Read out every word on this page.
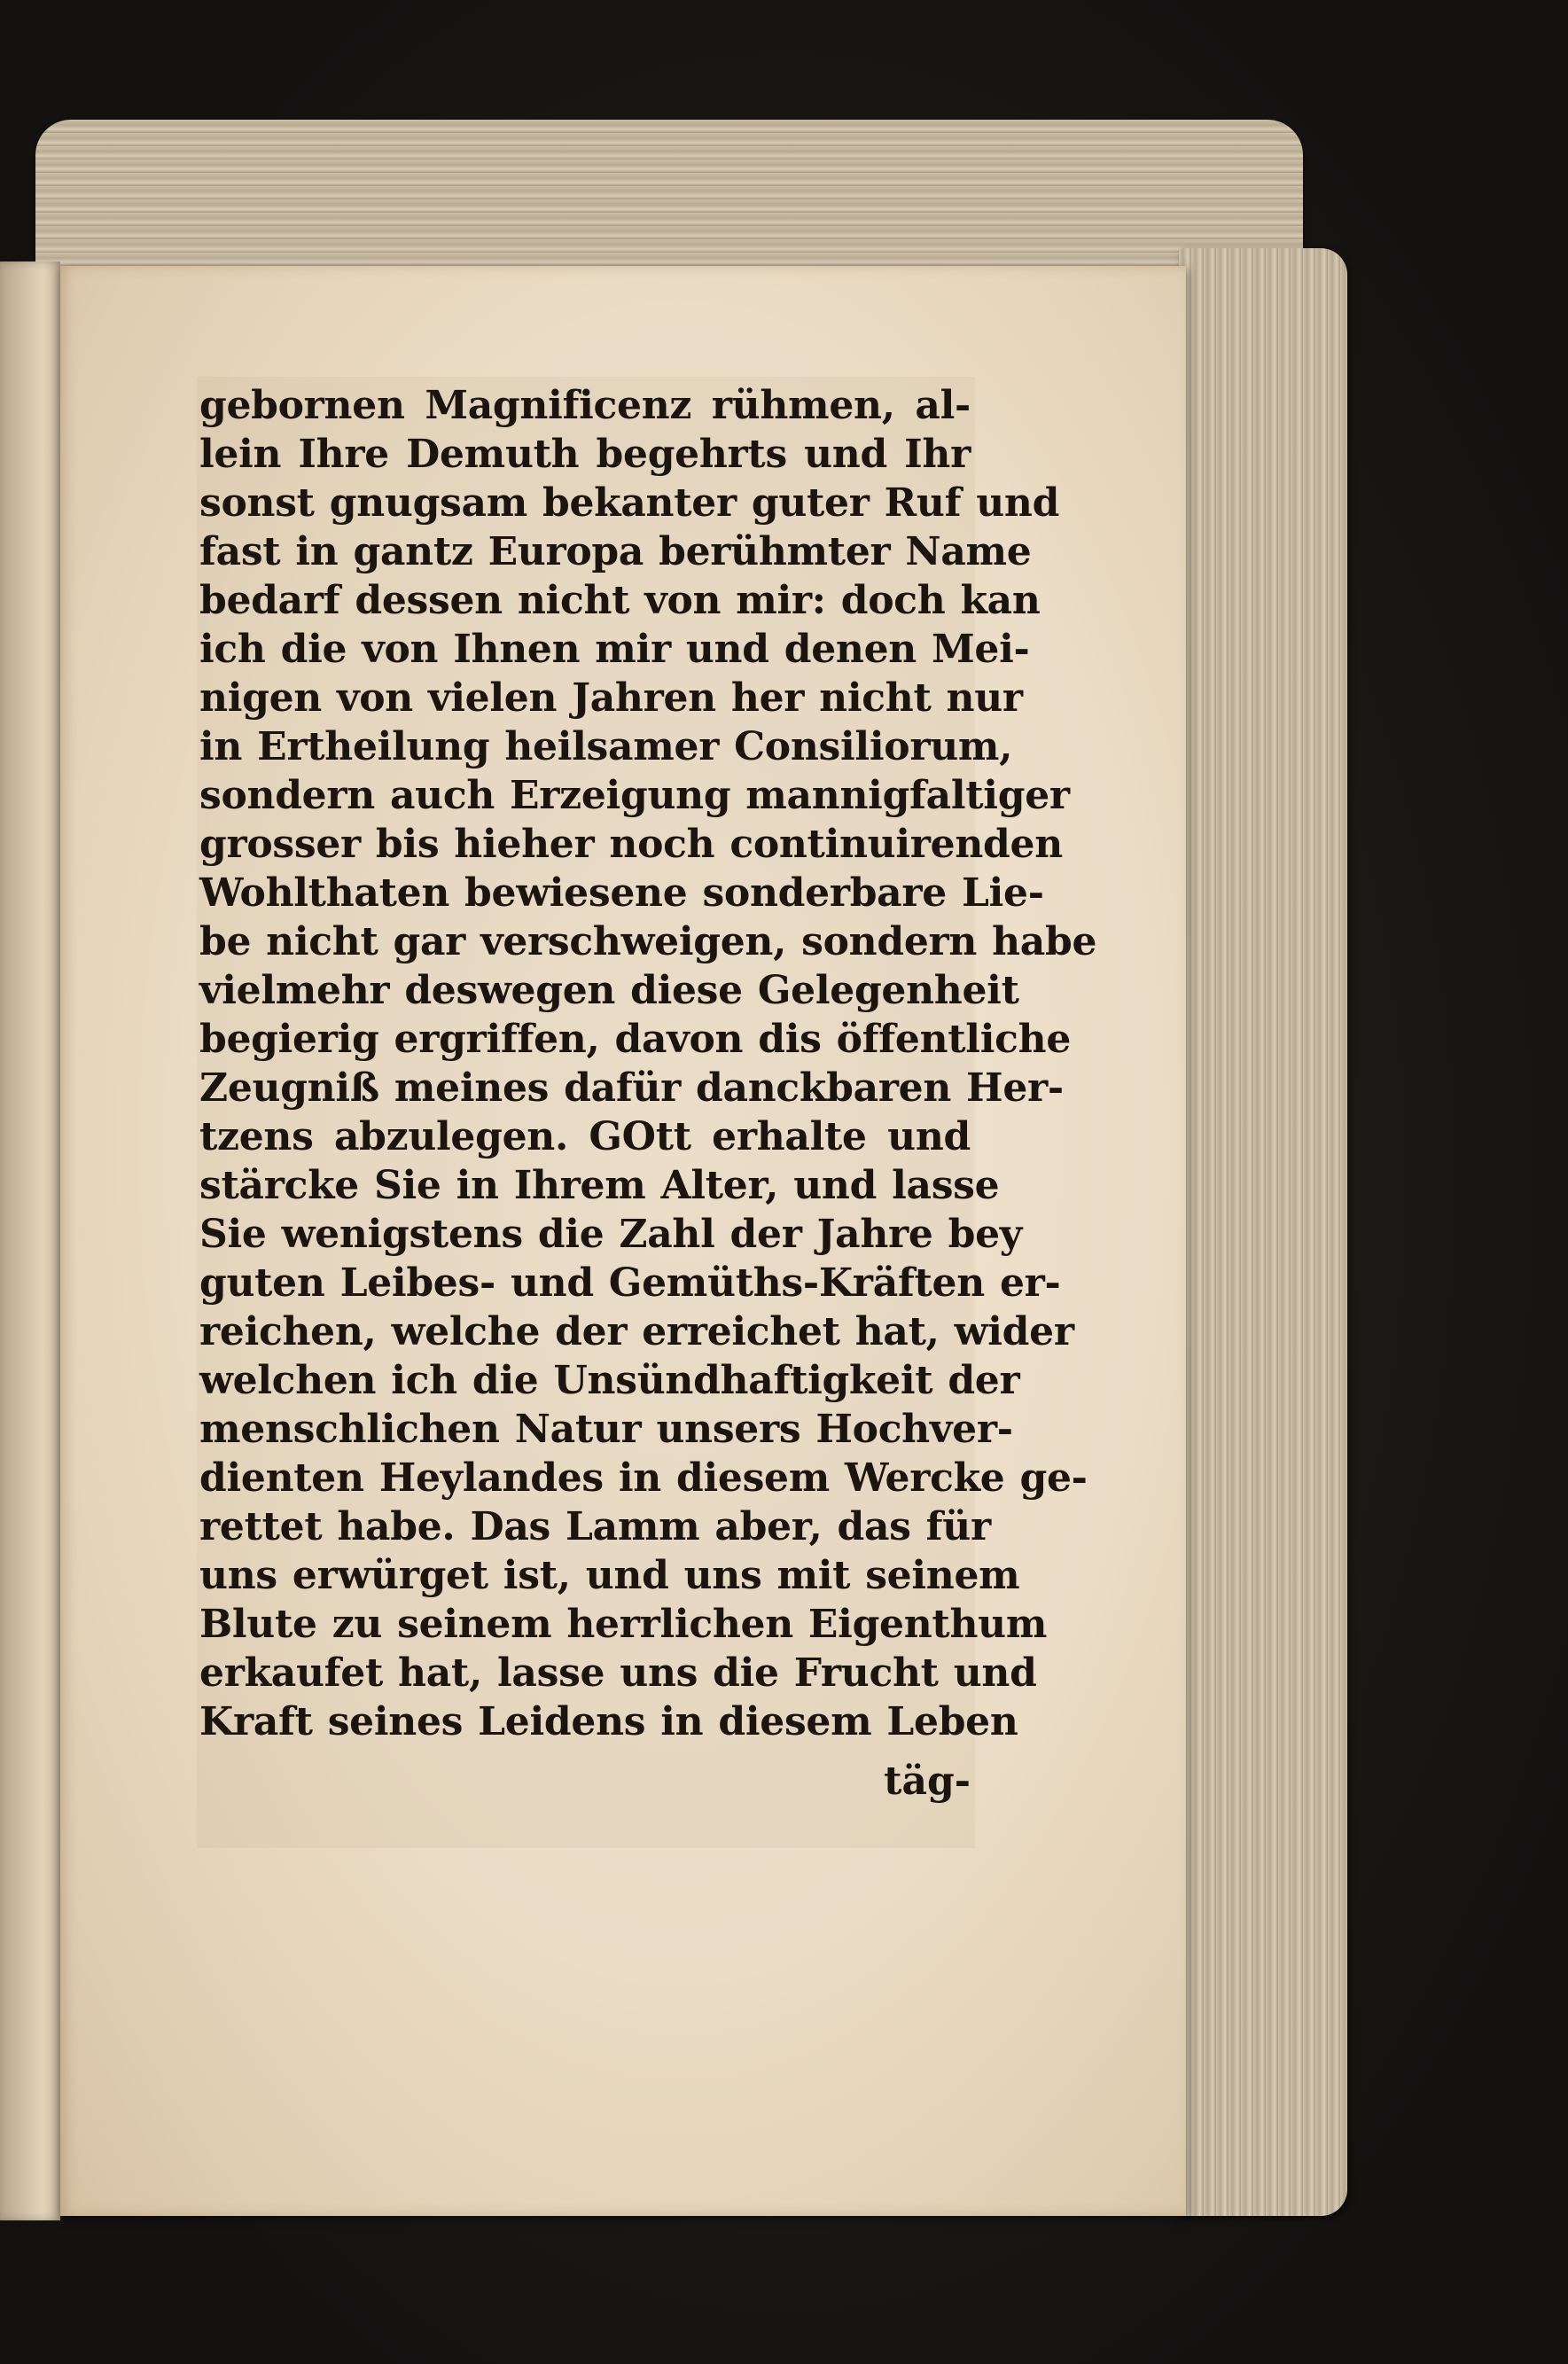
gebornen Magnificenz rühmen, al-
lein Ihre Demuth begehrts und Ihr
sonst gnugsam bekanter guter Ruf und
fast in gantz Europa berühmter Name
bedarf dessen nicht von mir: doch kan
ich die von Ihnen mir und denen Mei-
nigen von vielen Jahren her nicht nur
in Ertheilung heilsamer Consiliorum,
sondern auch Erzeigung mannigfaltiger
grosser bis hieher noch continuirenden
Wohlthaten bewiesene sonderbare Lie-
be nicht gar verschweigen, sondern habe
vielmehr deswegen diese Gelegenheit
begierig ergriffen, davon dis öffentliche
Zeugniß meines dafür danckbaren Her-
tzens abzulegen. GOtt erhalte und
stärcke Sie in Ihrem Alter, und lasse
Sie wenigstens die Zahl der Jahre bey
guten Leibes- und Gemüths-Kräften er-
reichen, welche der erreichet hat, wider
welchen ich die Unsündhaftigkeit der
menschlichen Natur unsers Hochver-
dienten Heylandes in diesem Wercke ge-
rettet habe. Das Lamm aber, das für
uns erwürget ist, und uns mit seinem
Blute zu seinem herrlichen Eigenthum
erkaufet hat, lasse uns die Frucht und
Kraft seines Leidens in diesem Leben
täg-
